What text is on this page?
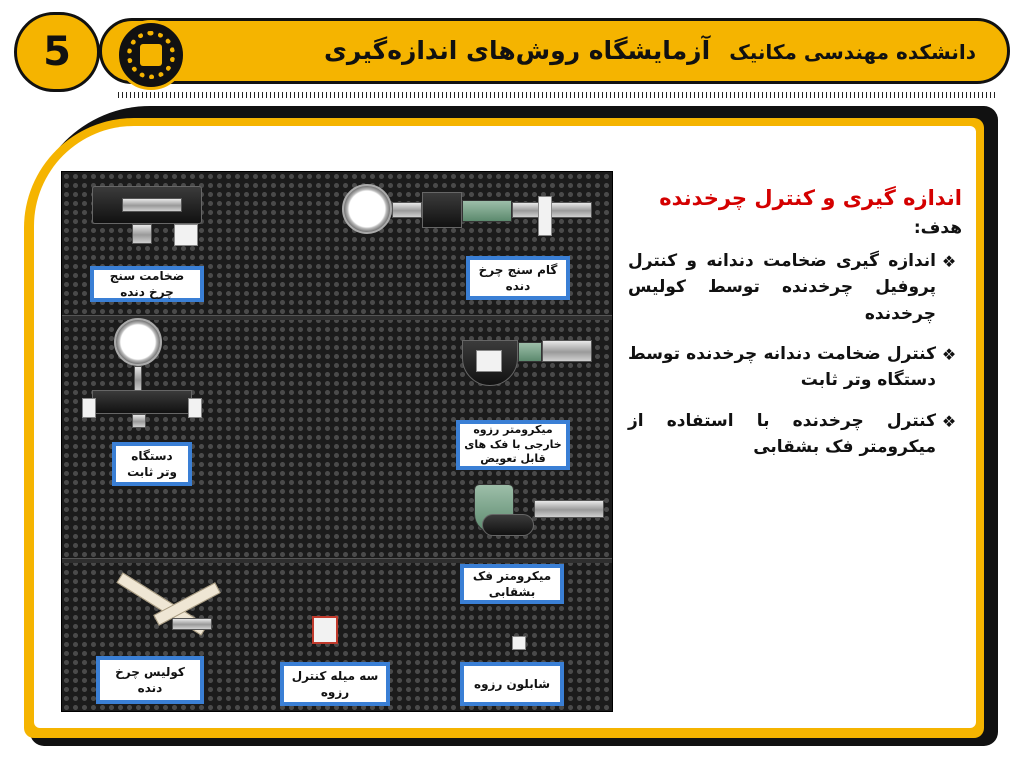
5	آزمایشگاه روش‌های اندازه‌گیری دانشکده مهندسی مکانیک
ضخامت سنج چرخ دنده
گام سنج چرخ دنده
دستگاه وتر ثابت
میکرومتر رزوه خارجی با فک های قابل تعویض
میکرومتر فک بشقابی
کولیس چرخ دنده
سه میله کنترل رزوه
شابلون رزوه
اندازه گیری و کنترل چرخدنده
هدف:
❖
اندازه گیری ضخامت دندانه و کنترل پروفیل چرخدنده توسط کولیس چرخدنده
❖
کنترل ضخامت دندانه چرخدنده توسط دستگاه وتر ثابت
❖
کنترل چرخدنده با استفاده از میکرومتر فک بشقابی
